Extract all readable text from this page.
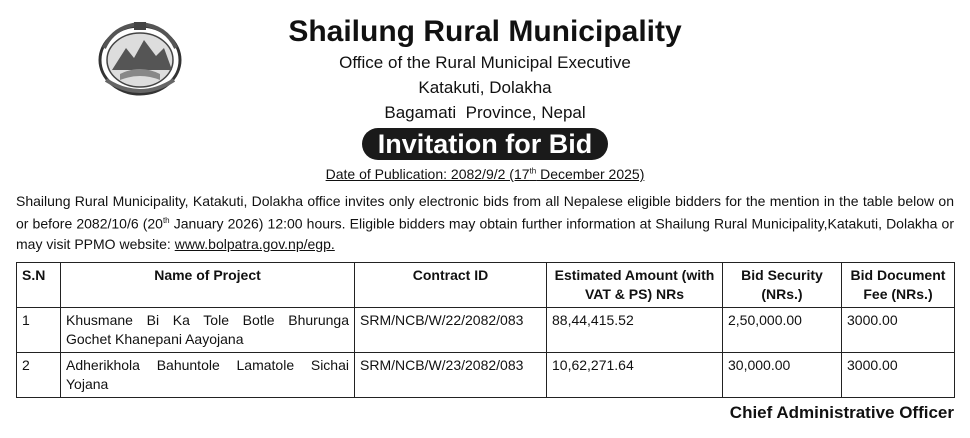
Shailung Rural Municipality
Office of the Rural Municipal Executive
Katakuti, Dolakha
Bagamati  Province, Nepal
Invitation for Bid
Date of Publication: 2082/9/2 (17th December 2025)
Shailung Rural Municipality, Katakuti, Dolakha office invites only electronic bids from all Nepalese eligible bidders for the mention in the table below on or before 2082/10/6 (20th January 2026) 12:00 hours. Eligible bidders may obtain further information at Shailung Rural Municipality,Katakuti, Dolakha or may visit PPMO website: www.bolpatra.gov.np/egp.
S.N	Name of Project	Contract ID	Estimated Amount (with VAT & PS) NRs	Bid Security (NRs.)	Bid Document Fee (NRs.)
1	Khusmane Bi Ka Tole Botle Bhurunga Gochet Khanepani Aayojana	SRM/NCB/W/22/2082/083	88,44,415.52	2,50,000.00	3000.00
2	Adherikhola Bahuntole Lamatole Sichai Yojana	SRM/NCB/W/23/2082/083	10,62,271.64	30,000.00	3000.00
Chief Administrative Officer
